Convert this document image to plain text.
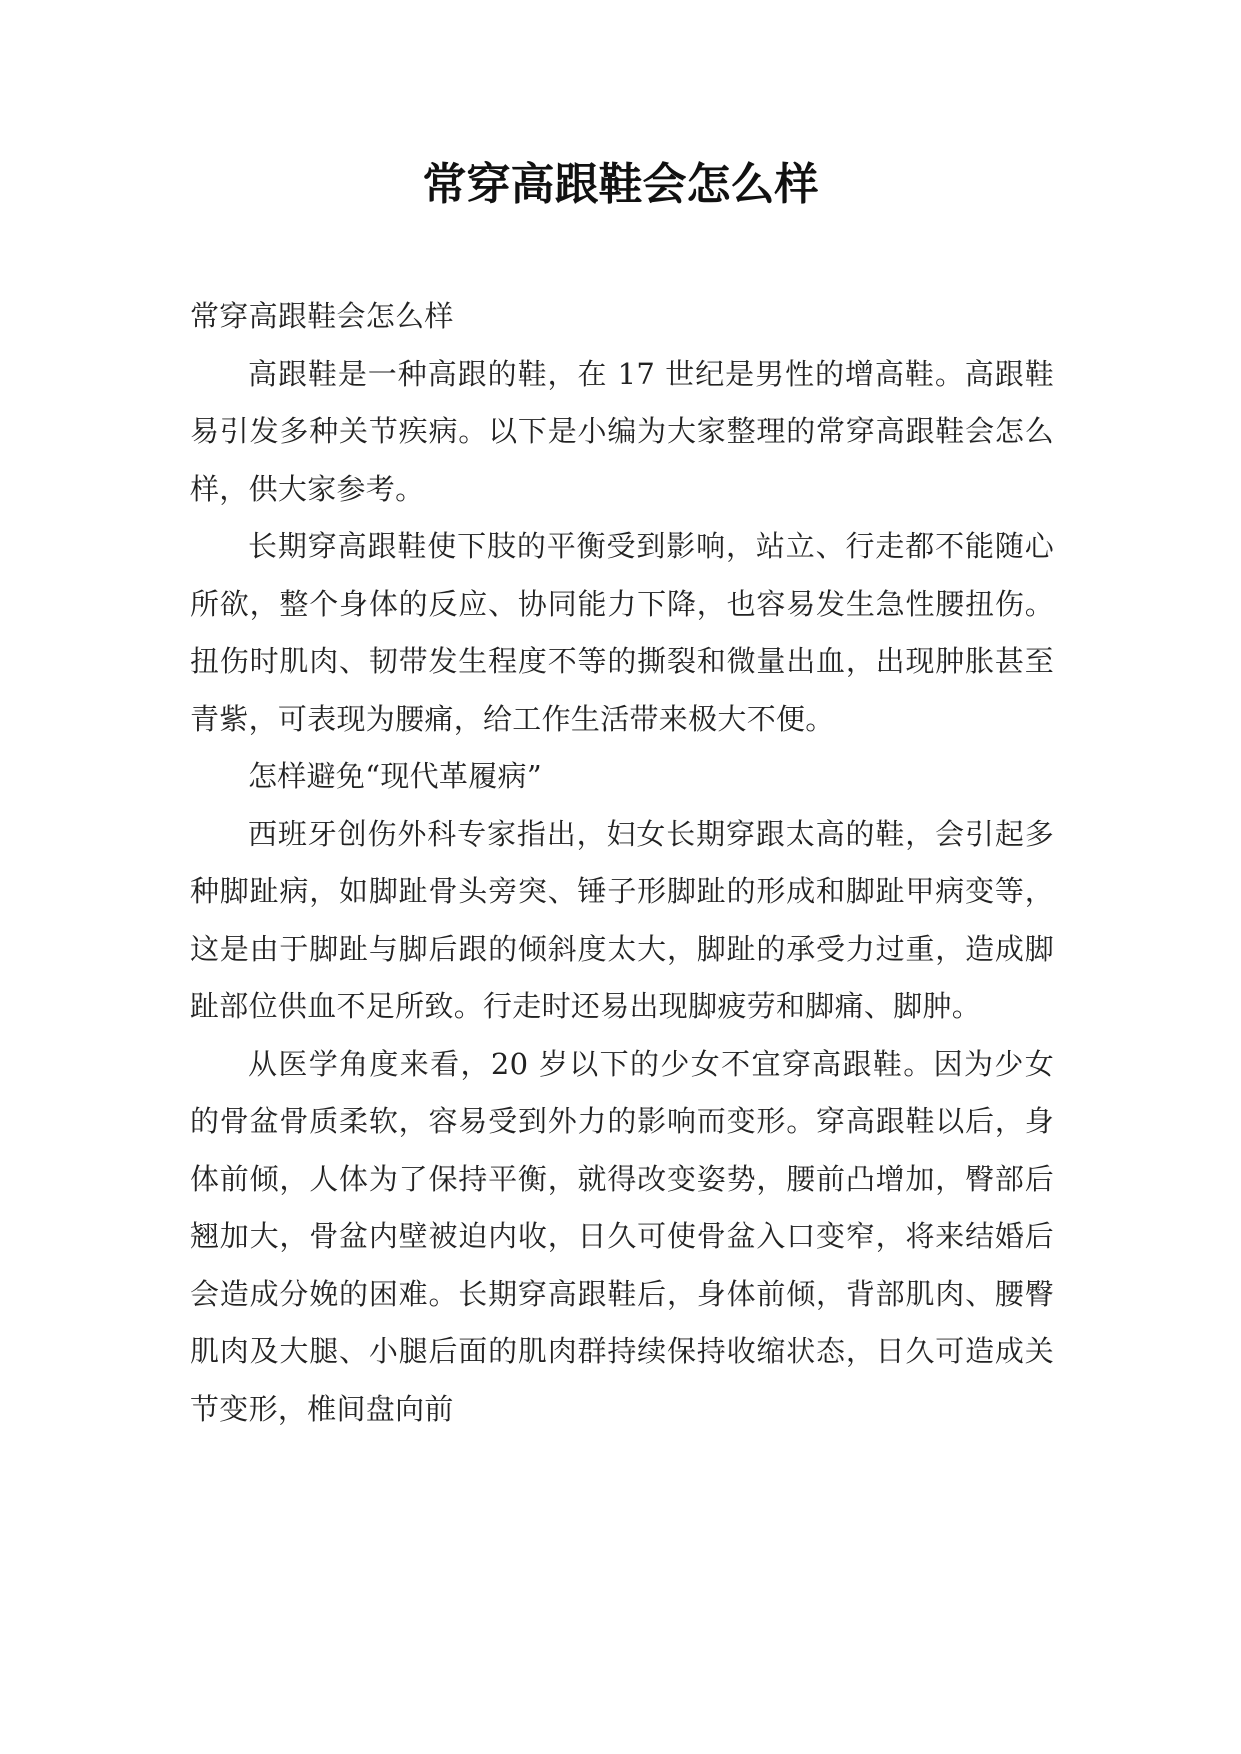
常穿高跟鞋会怎么样

常穿高跟鞋会怎么样

高跟鞋是一种高跟的鞋，在 17 世纪是男性的增高鞋。高跟鞋易引发多种关节疾病。以下是小编为大家整理的常穿高跟鞋会怎么样，供大家参考。

长期穿高跟鞋使下肢的平衡受到影响，站立、行走都不能随心所欲，整个身体的反应、协同能力下降，也容易发生急性腰扭伤。扭伤时肌肉、韧带发生程度不等的撕裂和微量出血，出现肿胀甚至青紫，可表现为腰痛，给工作生活带来极大不便。

怎样避免“现代革履病”

西班牙创伤外科专家指出，妇女长期穿跟太高的鞋，会引起多种脚趾病，如脚趾骨头旁突、锤子形脚趾的形成和脚趾甲病变等，这是由于脚趾与脚后跟的倾斜度太大，脚趾的承受力过重，造成脚趾部位供血不足所致。行走时还易出现脚疲劳和脚痛、脚肿。

从医学角度来看，20 岁以下的少女不宜穿高跟鞋。因为少女的骨盆骨质柔软，容易受到外力的影响而变形。穿高跟鞋以后，身体前倾，人体为了保持平衡，就得改变姿势，腰前凸增加，臀部后翘加大，骨盆内壁被迫内收，日久可使骨盆入口变窄，将来结婚后会造成分娩的困难。长期穿高跟鞋后，身体前倾，背部肌肉、腰臀肌肉及大腿、小腿后面的肌肉群持续保持收缩状态，日久可造成关节变形，椎间盘向前
